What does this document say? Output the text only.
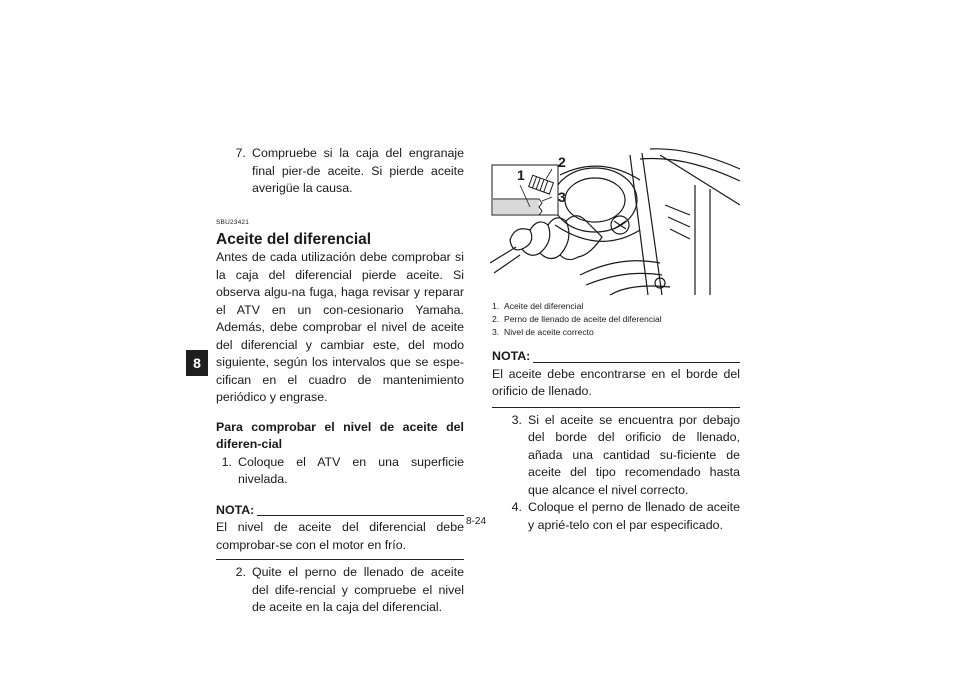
8
7. Compruebe si la caja del engranaje final pier-de aceite. Si pierde aceite averigüe la causa.
SBU23421
Aceite del diferencial
Antes de cada utilización debe comprobar si la caja del diferencial pierde aceite. Si observa algu-na fuga, haga revisar y reparar el ATV en un con-cesionario Yamaha. Además, debe comprobar el nivel de aceite del diferencial y cambiar este, del modo siguiente, según los intervalos que se espe-cifican en el cuadro de mantenimiento periódico y engrase.
Para comprobar el nivel de aceite del diferen-cial
1. Coloque el ATV en una superficie nivelada.
NOTA:
El nivel de aceite del diferencial debe comprobar-se con el motor en frío.
2. Quite el perno de llenado de aceite del dife-rencial y compruebe el nivel de aceite en la caja del diferencial.
1
2
3
1. Aceite del diferencial
2. Perno de llenado de aceite del diferencial
3. Nivel de aceite correcto
NOTA:
El aceite debe encontrarse en el borde del orificio de llenado.
3. Si el aceite se encuentra por debajo del borde del orificio de llenado, añada una cantidad su-ficiente de aceite del tipo recomendado hasta que alcance el nivel correcto.
4. Coloque el perno de llenado de aceite y aprié-telo con el par especificado.
8-24
